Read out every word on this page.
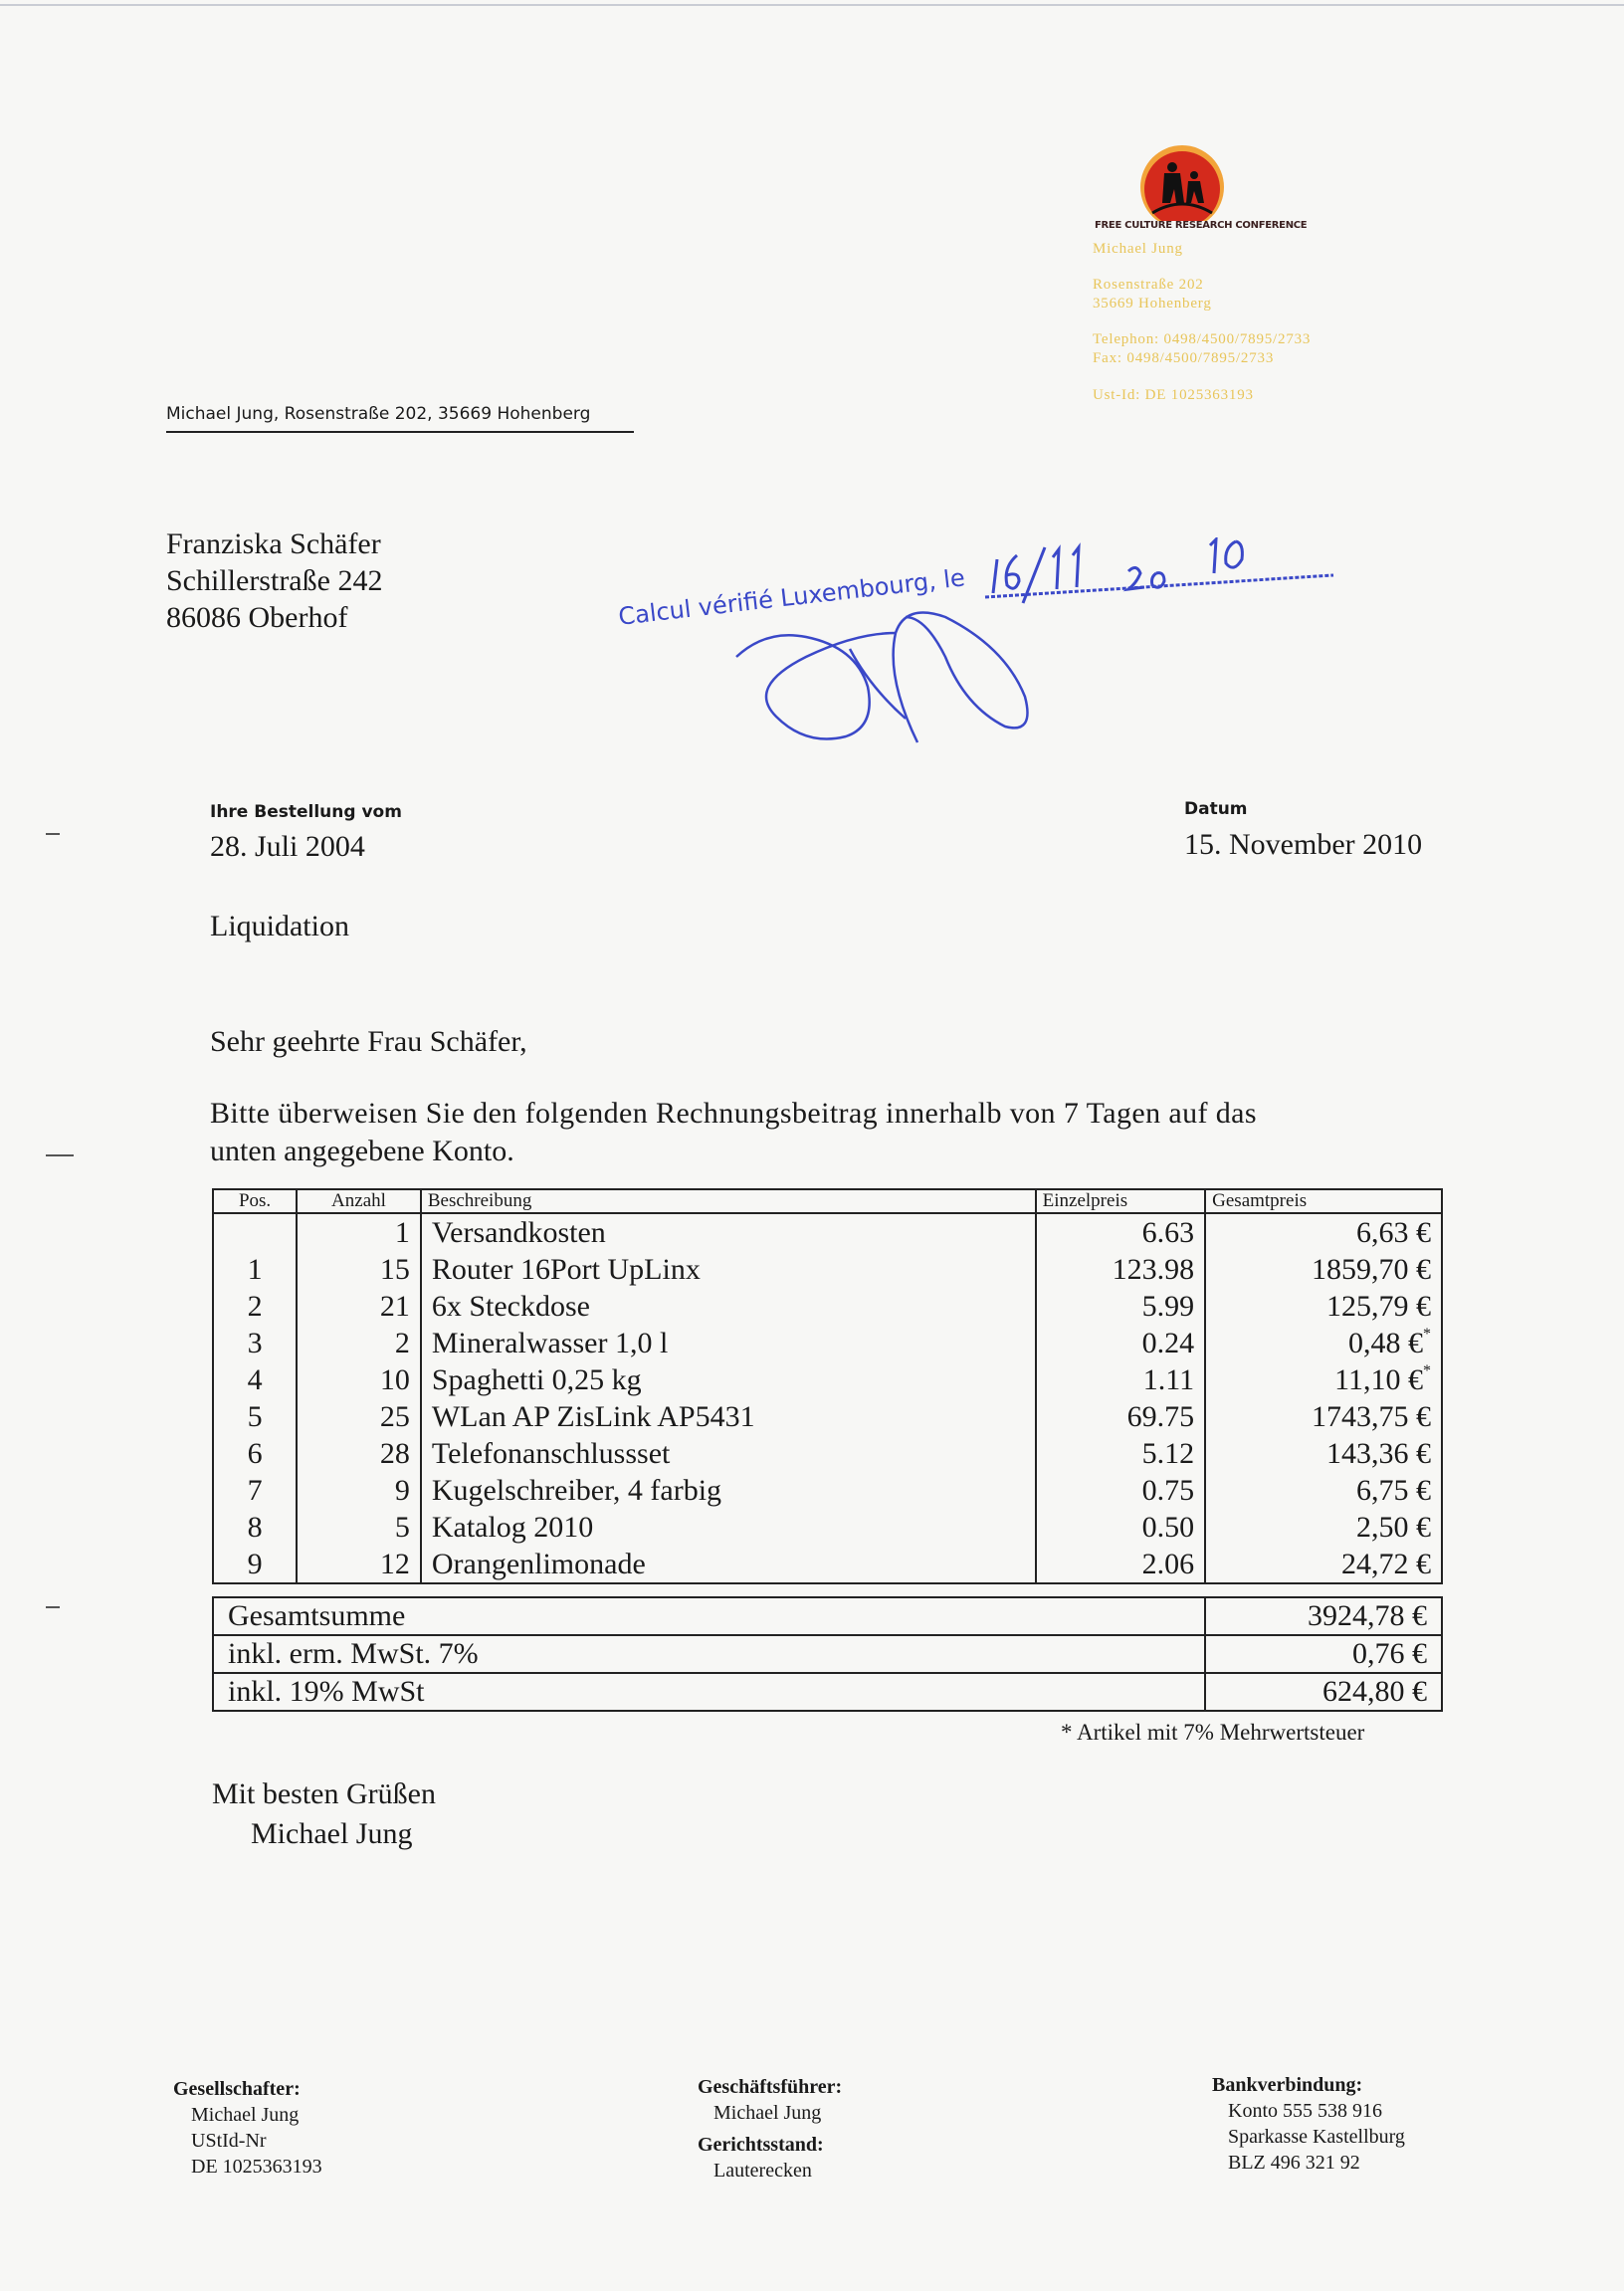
FREE CULTURE RESEARCH CONFERENCE
Michael Jung
Rosenstraße 202
35669 Hohenberg
Telephon: 0498/4500/7895/2733
Fax: 0498/4500/7895/2733
Ust-Id: DE 1025363193
Michael Jung, Rosenstraße 202, 35669 Hohenberg
Franziska Schäfer
Schillerstraße 242
86086 Oberhof	Calcul vérifié Luxembourg, le
Ihre Bestellung vom
28. Juli 2004
Datum
15. November 2010
Liquidation
Sehr geehrte Frau Schäfer,
Bitte überweisen Sie den folgenden Rechnungsbeitrag innerhalb von 7 Tagen auf das
unten angegebene Konto.
Pos.	Anzahl	Beschreibung	Einzelpreis	Gesamtpreis
	1	Versandkosten	6.63	6,63 €
1	15	Router 16Port UpLinx	123.98	1859,70 €
2	21	6x Steckdose	5.99	125,79 €
3	2	Mineralwasser 1,0 l	0.24	0,48 €*
4	10	Spaghetti 0,25 kg	1.11	11,10 €*
5	25	WLan AP ZisLink AP5431	69.75	1743,75 €
6	28	Telefonanschlussset	5.12	143,36 €
7	9	Kugelschreiber, 4 farbig	0.75	6,75 €
8	5	Katalog 2010	0.50	2,50 €
9	12	Orangenlimonade	2.06	24,72 €
Gesamtsumme	3924,78 €
inkl. erm. MwSt. 7%	0,76 €
inkl. 19% MwSt	624,80 €
* Artikel mit 7% Mehrwertsteuer
Mit besten Grüßen
Michael Jung
Gesellschafter:
Michael Jung
UStId-Nr
DE 1025363193
Geschäftsführer:
Michael Jung
Gerichtsstand:
Lauterecken
Bankverbindung:
Konto 555 538 916
Sparkasse Kastellburg
BLZ 496 321 92
